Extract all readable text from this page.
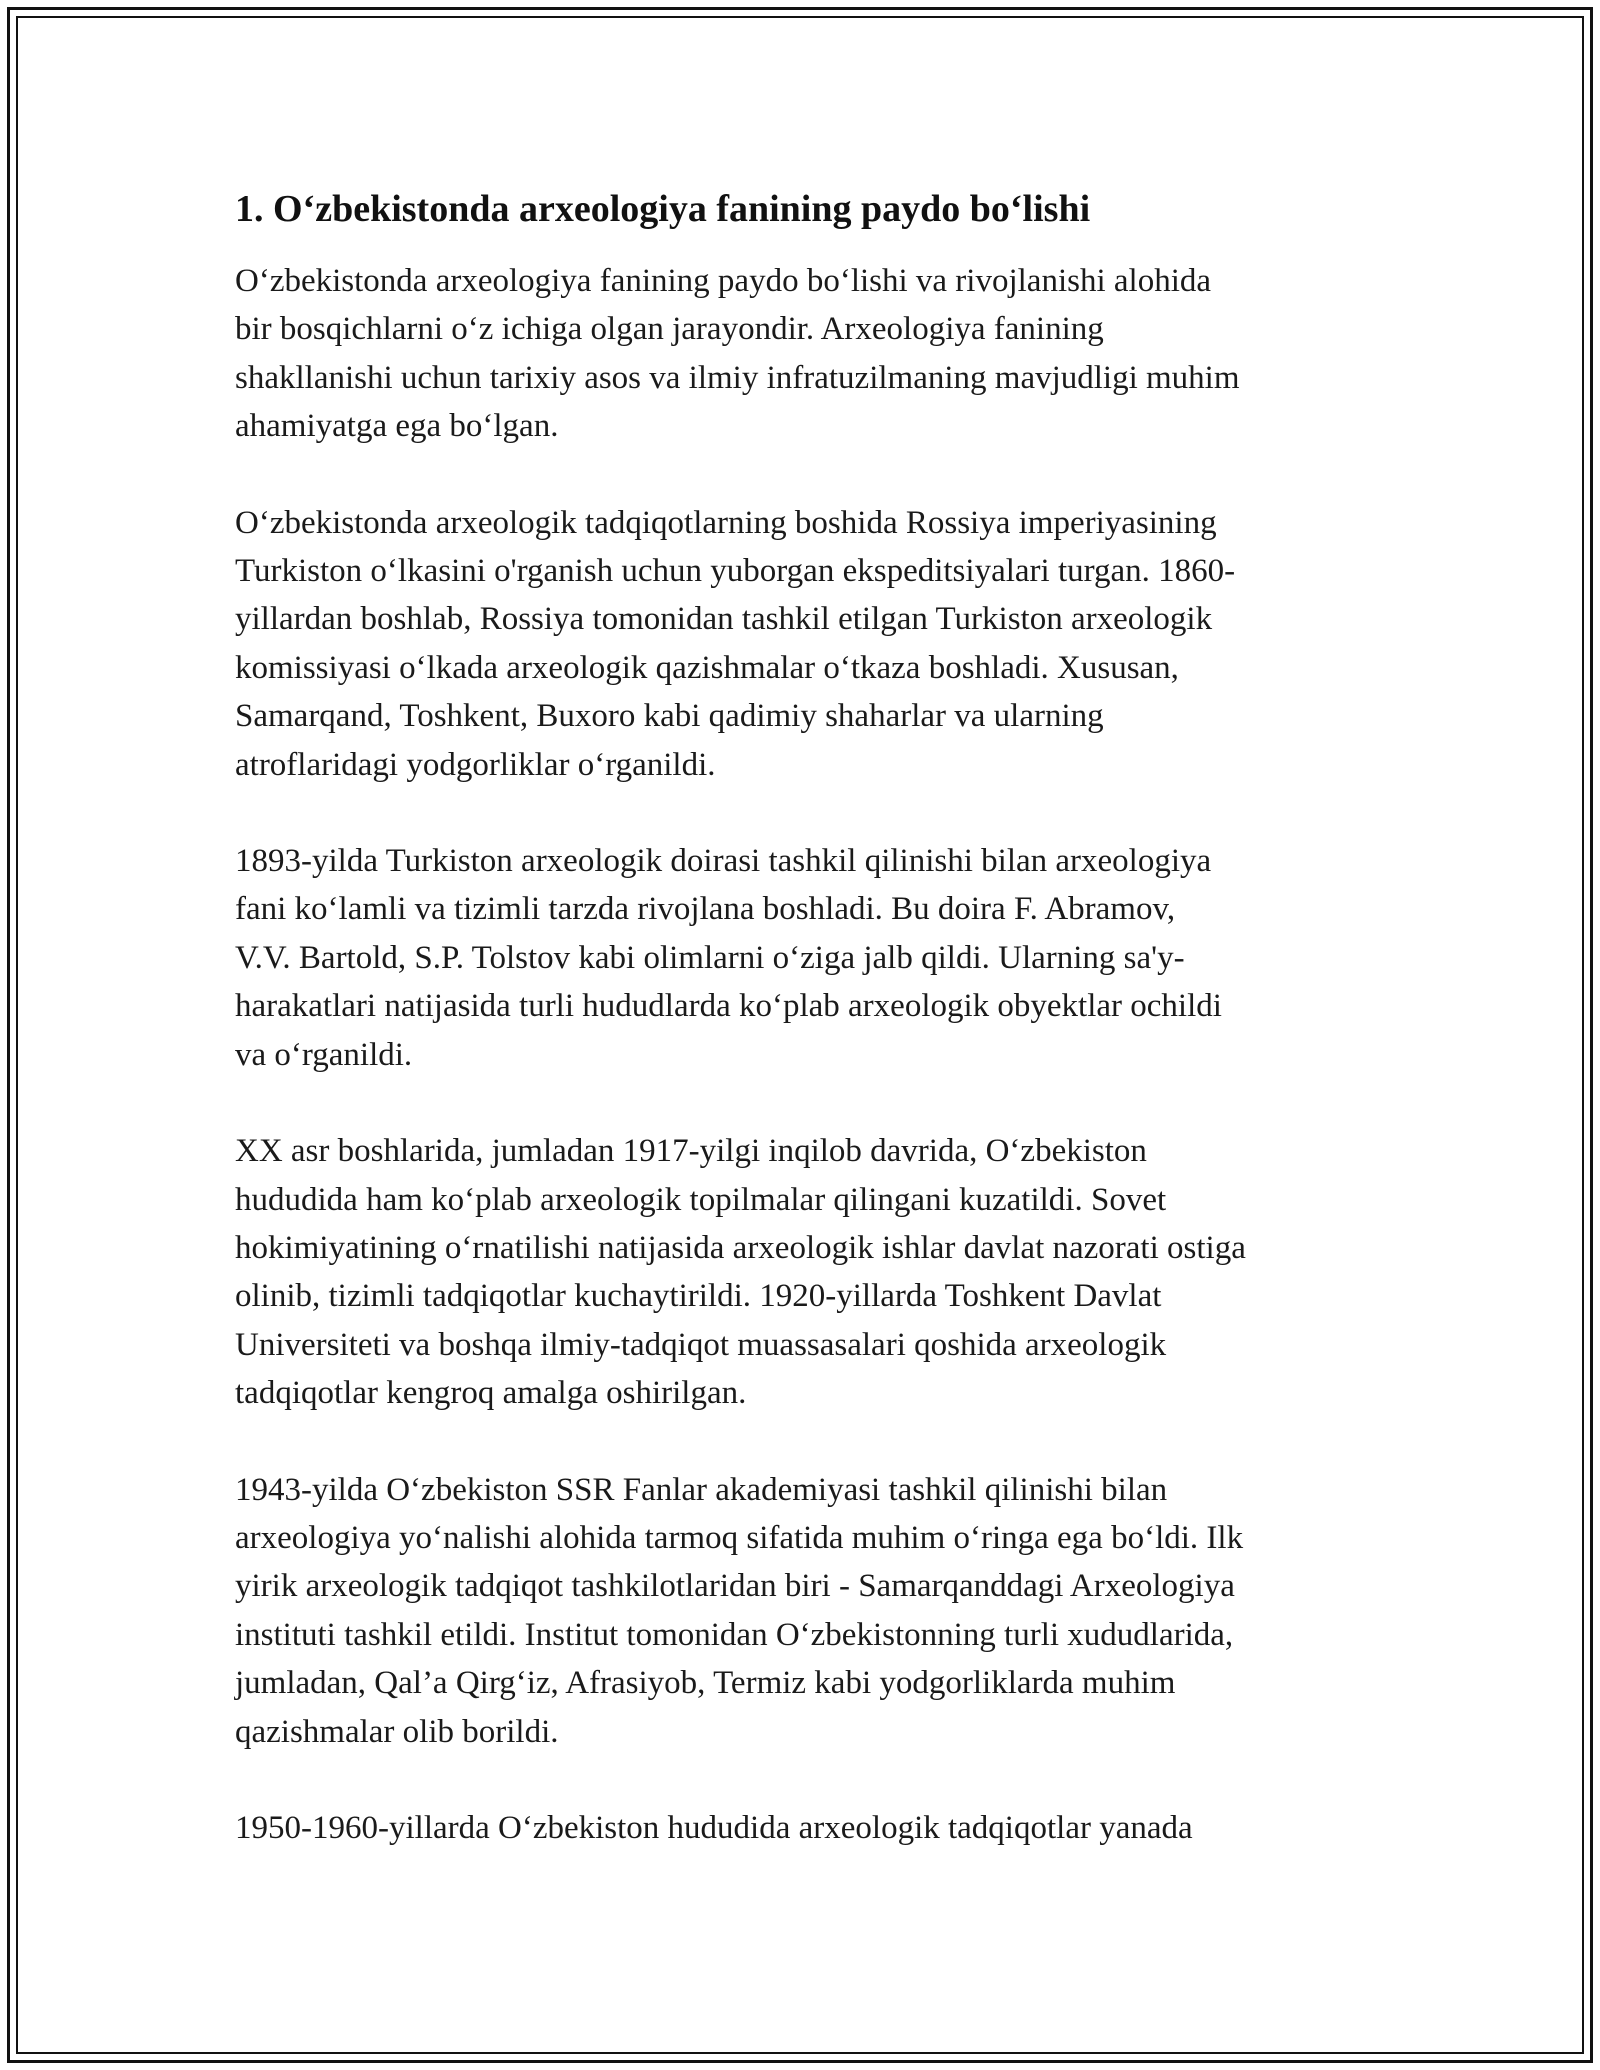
1. O‘zbekistonda arxeologiya fanining paydo bo‘lishi
O‘zbekistonda arxeologiya fanining paydo bo‘lishi va rivojlanishi alohida
bir bosqichlarni o‘z ichiga olgan jarayondir. Arxeologiya fanining
shakllanishi uchun tarixiy asos va ilmiy infratuzilmaning mavjudligi muhim
ahamiyatga ega bo‘lgan.
O‘zbekistonda arxeologik tadqiqotlarning boshida Rossiya imperiyasining
Turkiston o‘lkasini o'rganish uchun yuborgan ekspeditsiyalari turgan. 1860-
yillardan boshlab, Rossiya tomonidan tashkil etilgan Turkiston arxeologik
komissiyasi o‘lkada arxeologik qazishmalar o‘tkaza boshladi. Xususan,
Samarqand, Toshkent, Buxoro kabi qadimiy shaharlar va ularning
atroflaridagi yodgorliklar o‘rganildi.
1893-yilda Turkiston arxeologik doirasi tashkil qilinishi bilan arxeologiya
fani ko‘lamli va tizimli tarzda rivojlana boshladi. Bu doira F. Abramov,
V.V. Bartold, S.P. Tolstov kabi olimlarni o‘ziga jalb qildi. Ularning sa'y-
harakatlari natijasida turli hududlarda ko‘plab arxeologik obyektlar ochildi
va o‘rganildi.
XX asr boshlarida, jumladan 1917-yilgi inqilob davrida, O‘zbekiston
hududida ham ko‘plab arxeologik topilmalar qilingani kuzatildi. Sovet
hokimiyatining o‘rnatilishi natijasida arxeologik ishlar davlat nazorati ostiga
olinib, tizimli tadqiqotlar kuchaytirildi. 1920-yillarda Toshkent Davlat
Universiteti va boshqa ilmiy-tadqiqot muassasalari qoshida arxeologik
tadqiqotlar kengroq amalga oshirilgan.
1943-yilda O‘zbekiston SSR Fanlar akademiyasi tashkil qilinishi bilan
arxeologiya yo‘nalishi alohida tarmoq sifatida muhim o‘ringa ega bo‘ldi. Ilk
yirik arxeologik tadqiqot tashkilotlaridan biri - Samarqanddagi Arxeologiya
instituti tashkil etildi. Institut tomonidan O‘zbekistonning turli xududlarida,
jumladan, Qal’a Qirg‘iz, Afrasiyob, Termiz kabi yodgorliklarda muhim
qazishmalar olib borildi.
1950-1960-yillarda O‘zbekiston hududida arxeologik tadqiqotlar yanada
